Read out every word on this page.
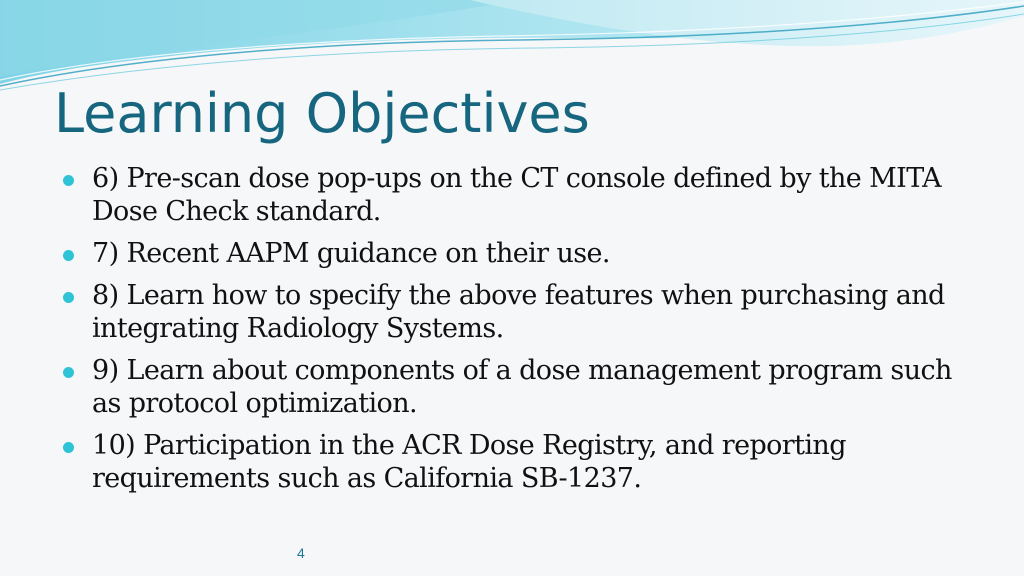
Learning Objectives
6) Pre-scan dose pop-ups on the CT console defined by the MITA Dose Check standard.
7) Recent AAPM guidance on their use.
8) Learn how to specify the above features when purchasing and integrating Radiology Systems.
9) Learn about components of a dose management program such as protocol optimization.
10) Participation in the ACR Dose Registry, and reporting requirements such as California SB-1237.
4
